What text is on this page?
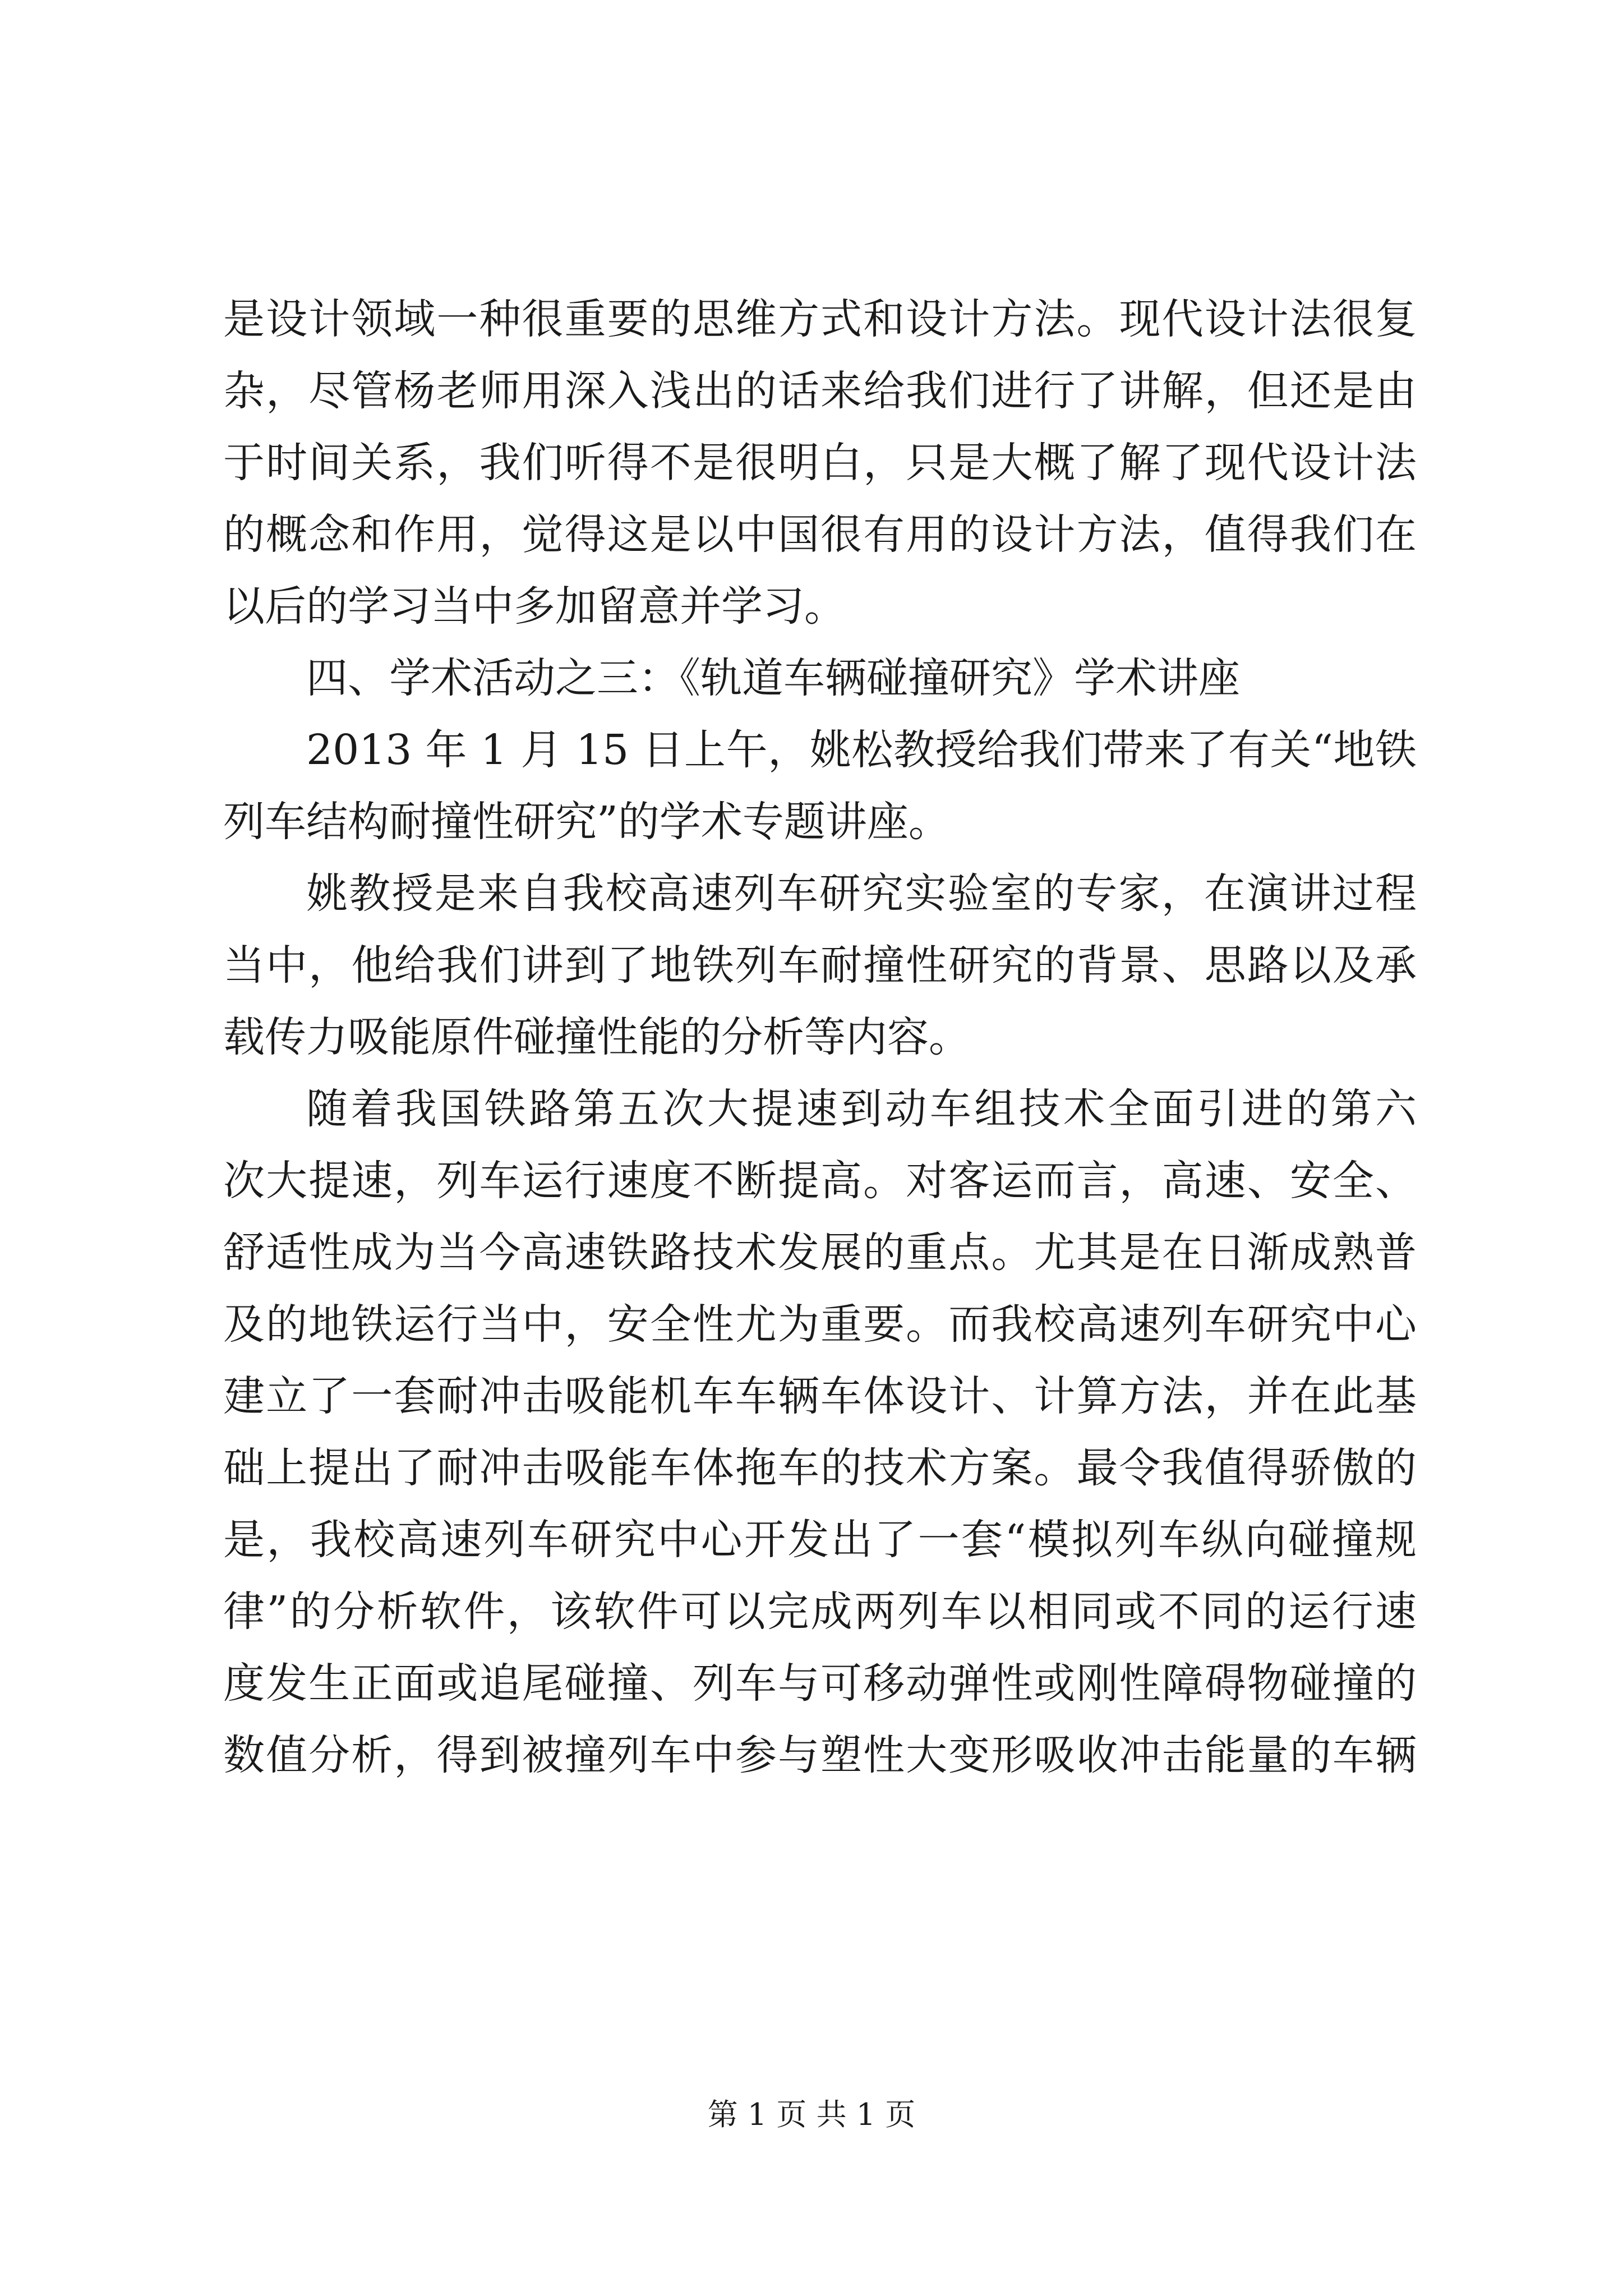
是设计领域一种很重要的思维方式和设计方法。现代设计法很复
杂，尽管杨老师用深入浅出的话来给我们进行了讲解，但还是由
于时间关系，我们听得不是很明白，只是大概了解了现代设计法
的概念和作用，觉得这是以中国很有用的设计方法，值得我们在
以后的学习当中多加留意并学习。
四、学术活动之三：《轨道车辆碰撞研究》学术讲座
2013 年 1 月 15 日上午，姚松教授给我们带来了有关“地铁
列车结构耐撞性研究”的学术专题讲座。
姚教授是来自我校高速列车研究实验室的专家，在演讲过程
当中，他给我们讲到了地铁列车耐撞性研究的背景、思路以及承
载传力吸能原件碰撞性能的分析等内容。
随着我国铁路第五次大提速到动车组技术全面引进的第六
次大提速，列车运行速度不断提高。对客运而言，高速、安全、
舒适性成为当今高速铁路技术发展的重点。尤其是在日渐成熟普
及的地铁运行当中，安全性尤为重要。而我校高速列车研究中心
建立了一套耐冲击吸能机车车辆车体设计、计算方法，并在此基
础上提出了耐冲击吸能车体拖车的技术方案。最令我值得骄傲的
是，我校高速列车研究中心开发出了一套“模拟列车纵向碰撞规
律”的分析软件，该软件可以完成两列车以相同或不同的运行速
度发生正面或追尾碰撞、列车与可移动弹性或刚性障碍物碰撞的
数值分析，得到被撞列车中参与塑性大变形吸收冲击能量的车辆
第 1 页 共 1 页
